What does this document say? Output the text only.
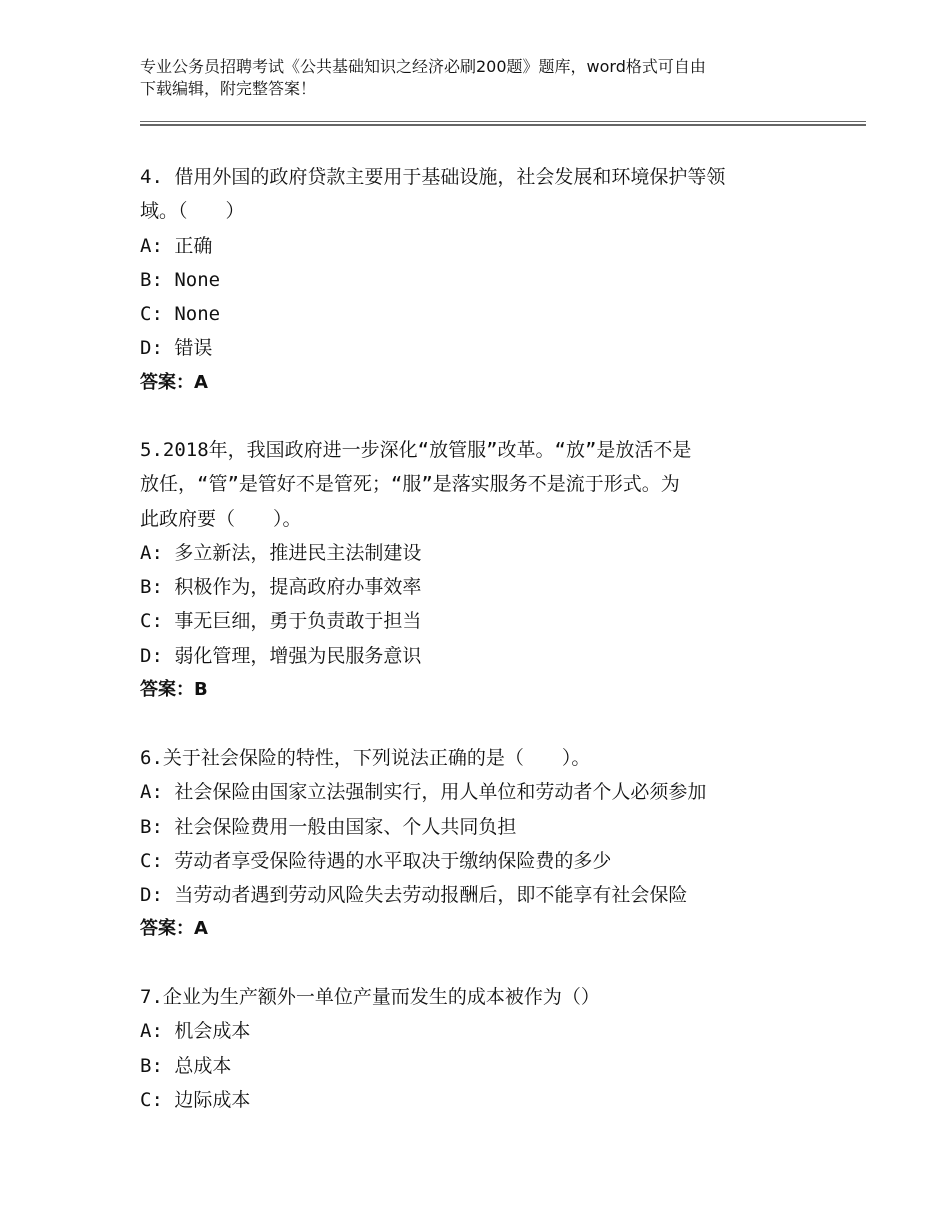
专业公务员招聘考试《公共基础知识之经济必刷200题》题库，word格式可自由
下载编辑，附完整答案！
4. 借用外国的政府贷款主要用于基础设施，社会发展和环境保护等领
域。（　　）
A: 正确
B: None
C: None
D: 错误
答案：A
5.2018年，我国政府进一步深化“放管服”改革。“放”是放活不是
放任，“管”是管好不是管死；“服”是落实服务不是流于形式。为
此政府要（　　）。
A: 多立新法，推进民主法制建设
B: 积极作为，提高政府办事效率
C: 事无巨细，勇于负责敢于担当
D: 弱化管理，增强为民服务意识
答案：B
6.关于社会保险的特性，下列说法正确的是（　　）。
A: 社会保险由国家立法强制实行，用人单位和劳动者个人必须参加
B: 社会保险费用一般由国家、个人共同负担
C: 劳动者享受保险待遇的水平取决于缴纳保险费的多少
D: 当劳动者遇到劳动风险失去劳动报酬后，即不能享有社会保险
答案：A
7.企业为生产额外一单位产量而发生的成本被作为（）
A: 机会成本
B: 总成本
C: 边际成本
